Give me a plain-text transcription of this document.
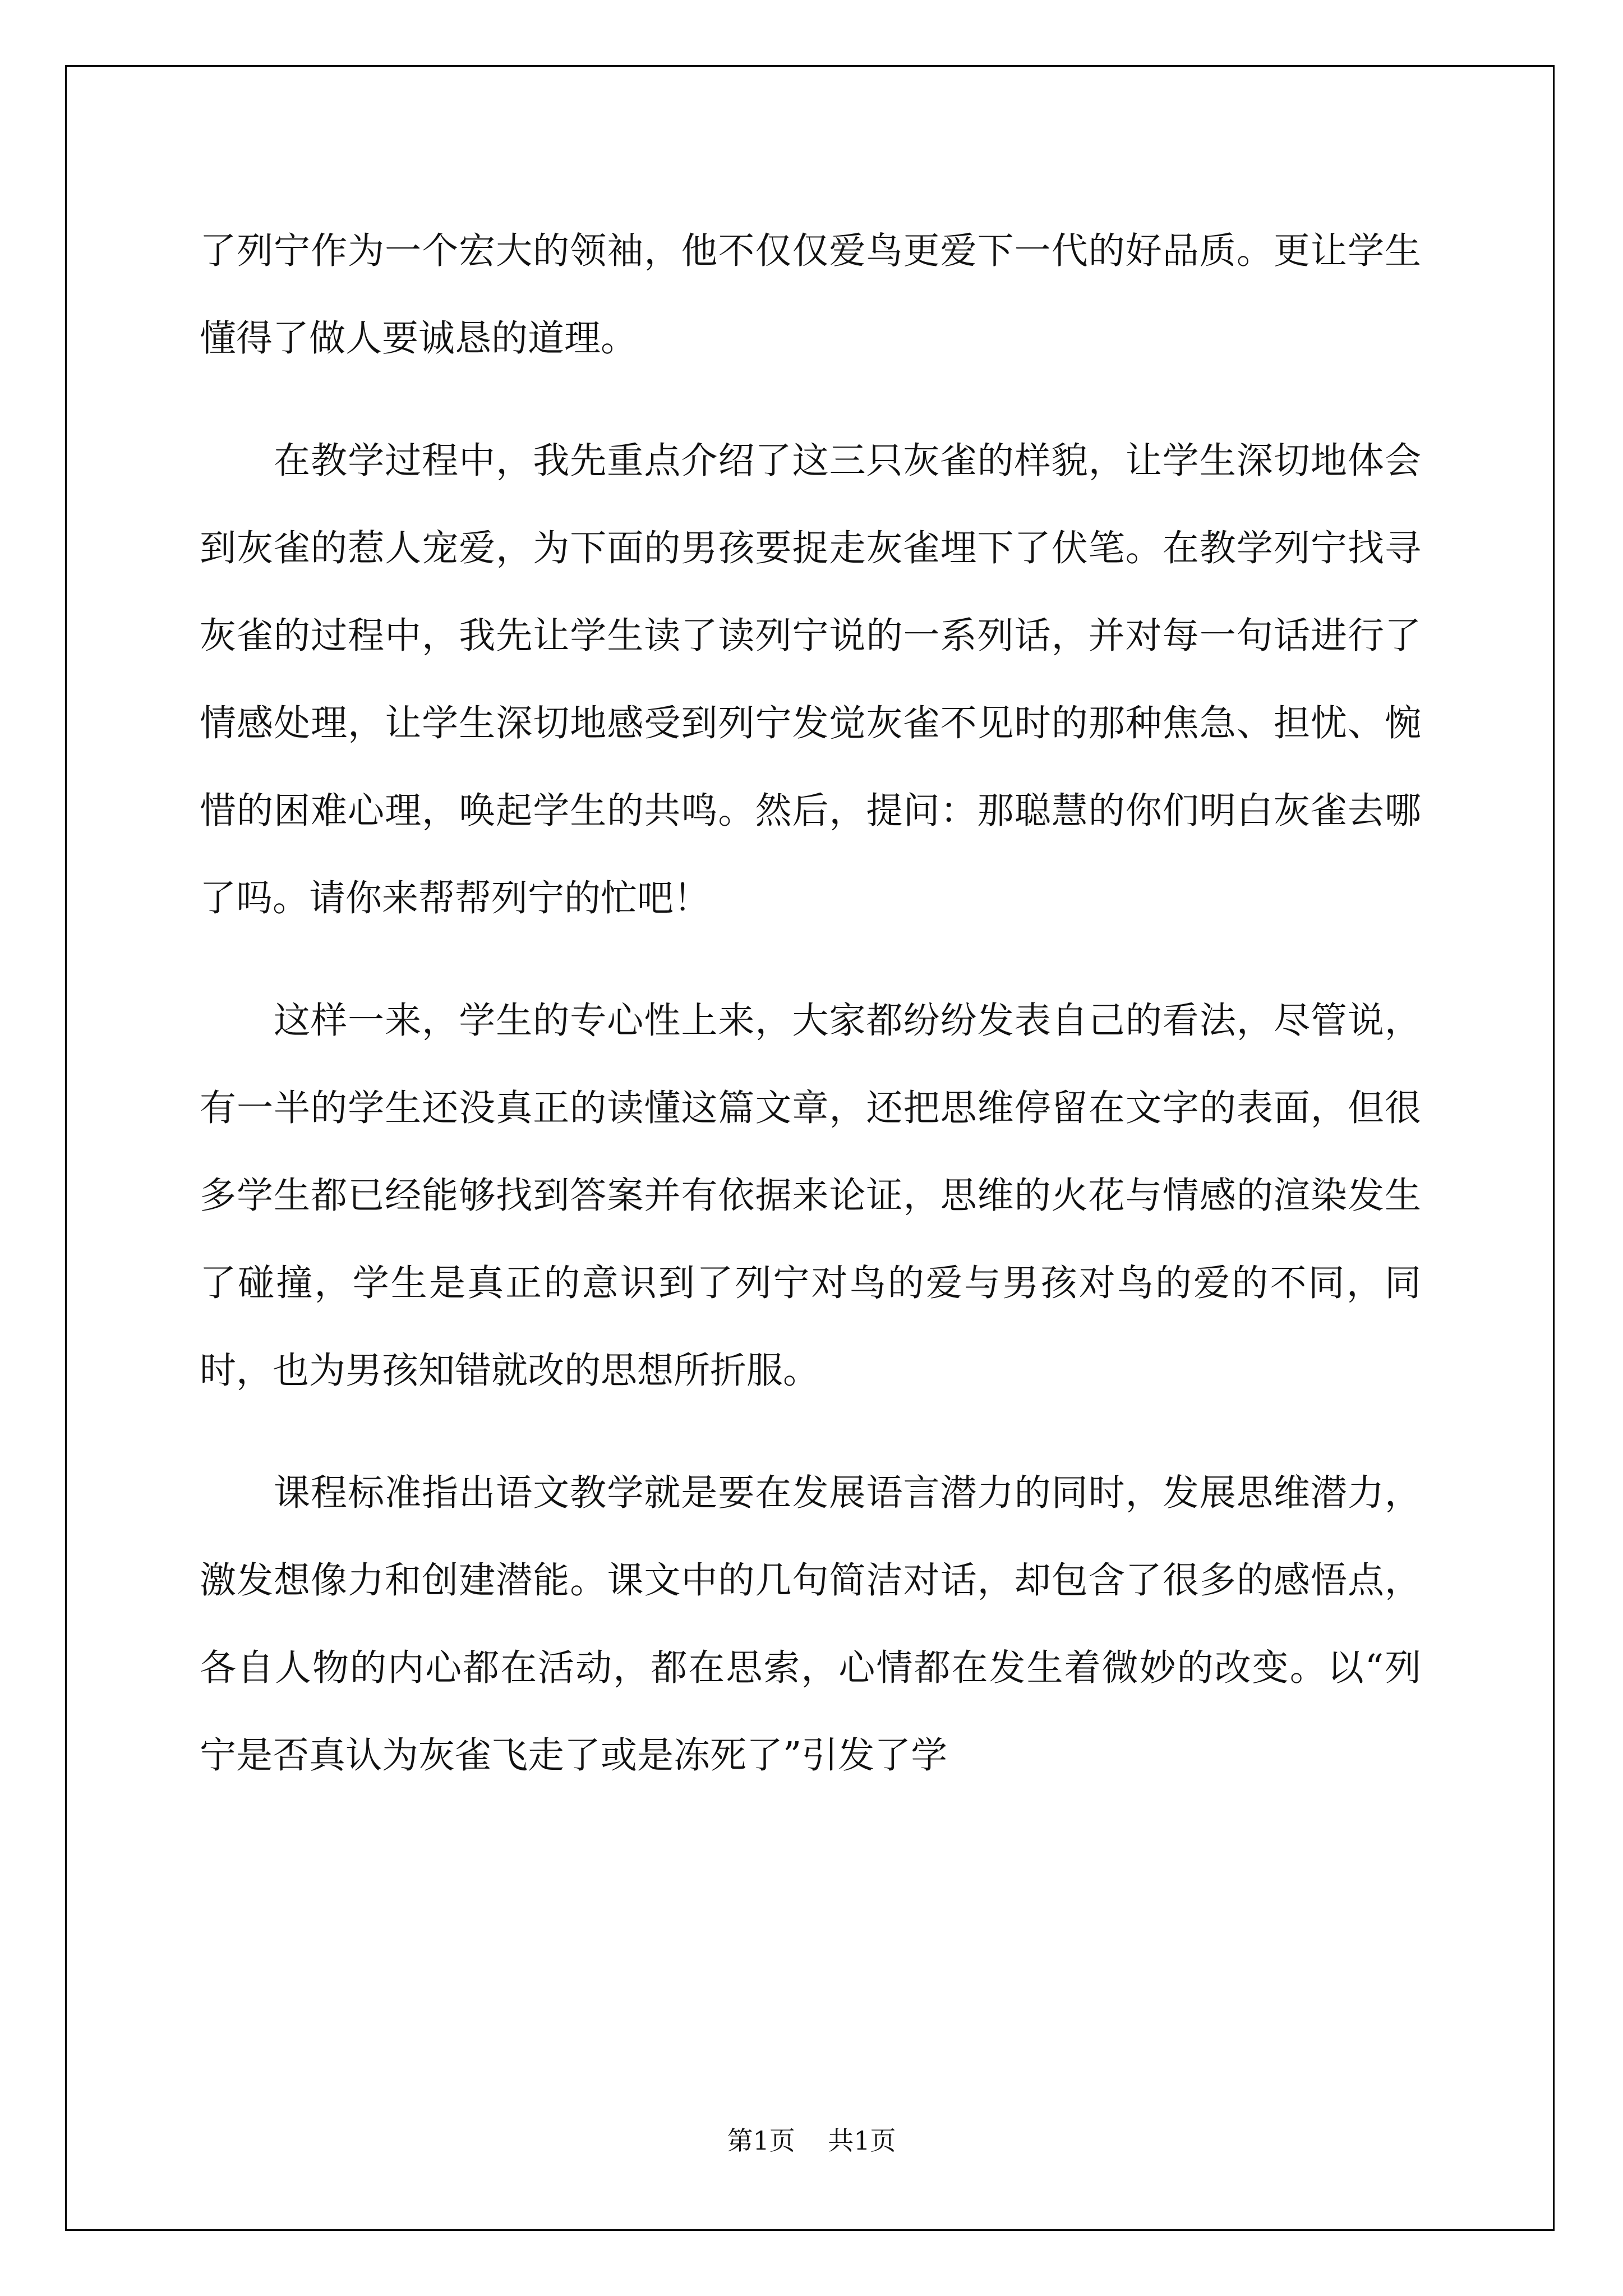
了列宁作为一个宏大的领袖，他不仅仅爱鸟更爱下一代的好品质。更让学生懂得了做人要诚恳的道理。

在教学过程中，我先重点介绍了这三只灰雀的样貌，让学生深切地体会到灰雀的惹人宠爱，为下面的男孩要捉走灰雀埋下了伏笔。在教学列宁找寻灰雀的过程中，我先让学生读了读列宁说的一系列话，并对每一句话进行了情感处理，让学生深切地感受到列宁发觉灰雀不见时的那种焦急、担忧、惋惜的困难心理，唤起学生的共鸣。然后，提问：那聪慧的你们明白灰雀去哪了吗。请你来帮帮列宁的忙吧！

这样一来，学生的专心性上来，大家都纷纷发表自己的看法，尽管说，有一半的学生还没真正的读懂这篇文章，还把思维停留在文字的表面，但很多学生都已经能够找到答案并有依据来论证，思维的火花与情感的渲染发生了碰撞，学生是真正的意识到了列宁对鸟的爱与男孩对鸟的爱的不同，同时，也为男孩知错就改的思想所折服。

课程标准指出语文教学就是要在发展语言潜力的同时，发展思维潜力，激发想像力和创建潜能。课文中的几句简洁对话，却包含了很多的感悟点，各自人物的内心都在活动，都在思索，心情都在发生着微妙的改变。以“列宁是否真认为灰雀飞走了或是冻死了”引发了学

第1页 共1页
